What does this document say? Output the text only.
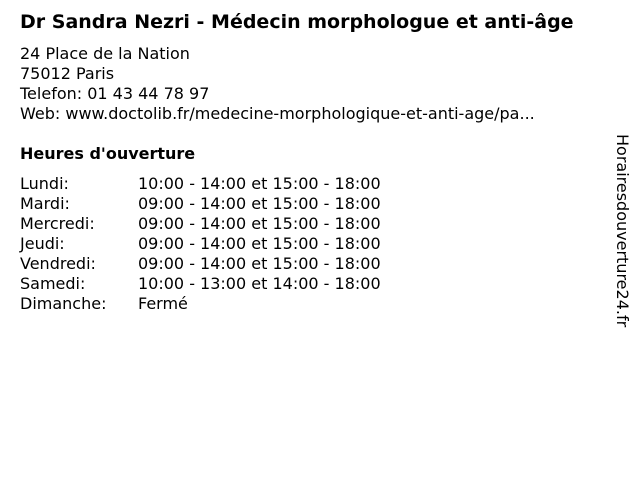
Dr Sandra Nezri - Médecin morphologue et anti-âge
24 Place de la Nation
75012 Paris
Telefon: 01 43 44 78 97
Web: www.doctolib.fr/medecine-morphologique-et-anti-age/pa...
Heures d'ouverture
Lundi:	10:00 - 14:00 et 15:00 - 18:00
Mardi:	09:00 - 14:00 et 15:00 - 18:00
Mercredi:	09:00 - 14:00 et 15:00 - 18:00
Jeudi:	09:00 - 14:00 et 15:00 - 18:00
Vendredi:	09:00 - 14:00 et 15:00 - 18:00
Samedi:	10:00 - 13:00 et 14:00 - 18:00
Dimanche:	Fermé	Horairesdouverture24.fr
